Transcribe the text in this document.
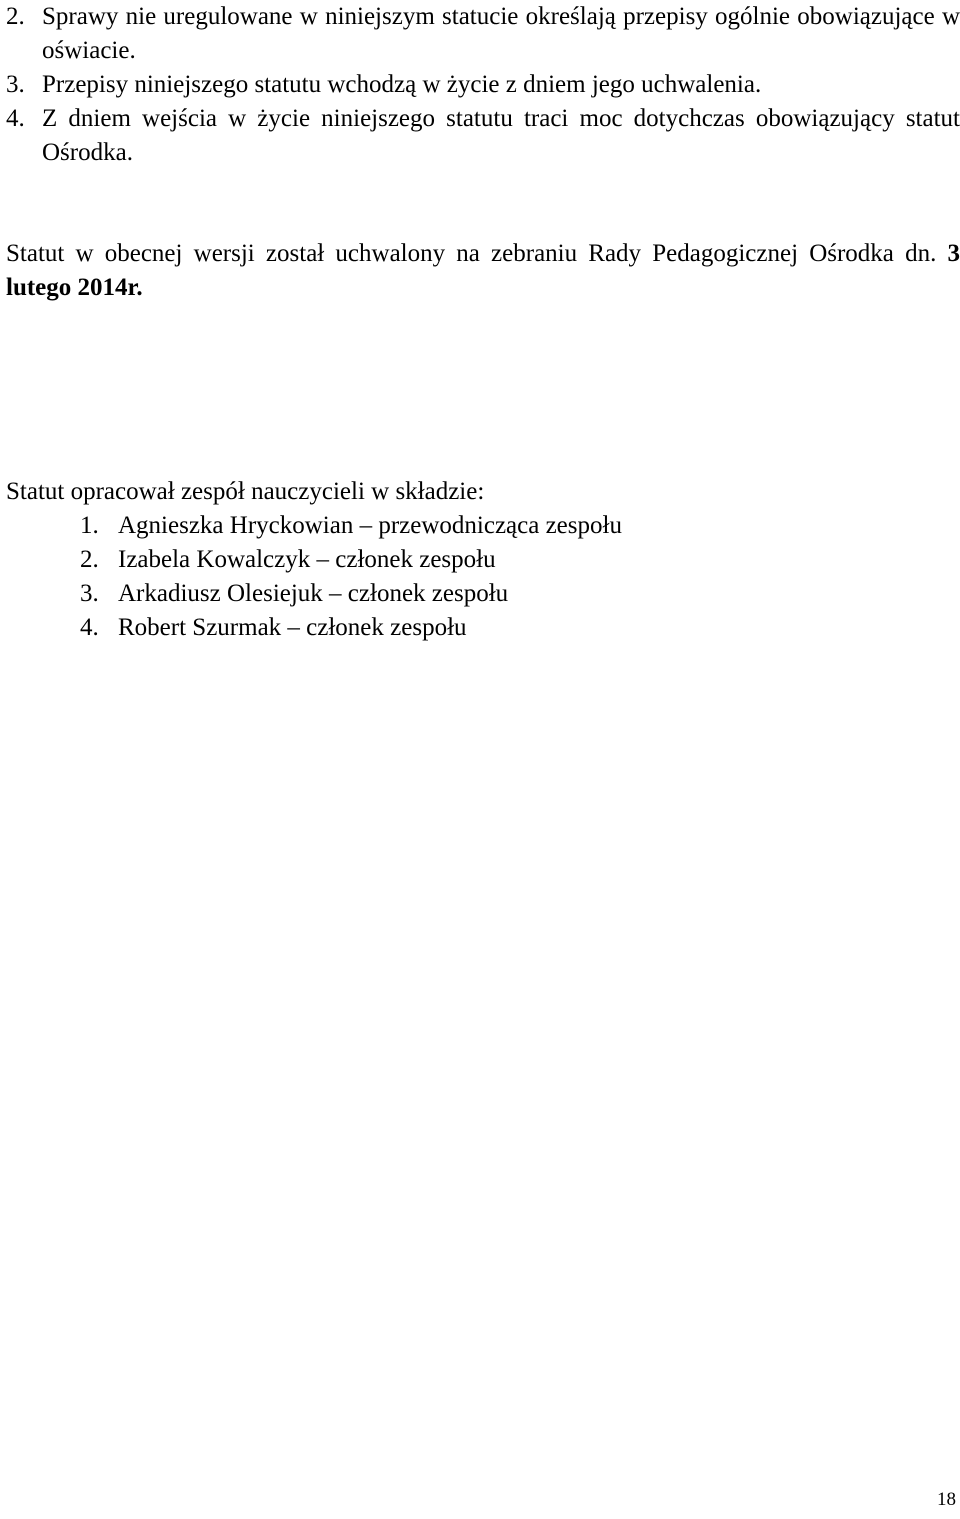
2. Sprawy nie uregulowane w niniejszym statucie określają przepisy ogólnie obowiązujące w oświacie.
3. Przepisy niniejszego statutu wchodzą w życie z dniem jego uchwalenia.
4. Z dniem wejścia w życie niniejszego statutu traci moc dotychczas obowiązujący statut Ośrodka.

Statut w obecnej wersji został uchwalony na zebraniu Rady Pedagogicznej Ośrodka dn. 3 lutego 2014r.

Statut opracował zespół nauczycieli w składzie:

1. Agnieszka Hryckowian – przewodnicząca zespołu
2. Izabela Kowalczyk – członek zespołu
3. Arkadiusz Olesiejuk – członek zespołu
4. Robert Szurmak – członek zespołu
18
